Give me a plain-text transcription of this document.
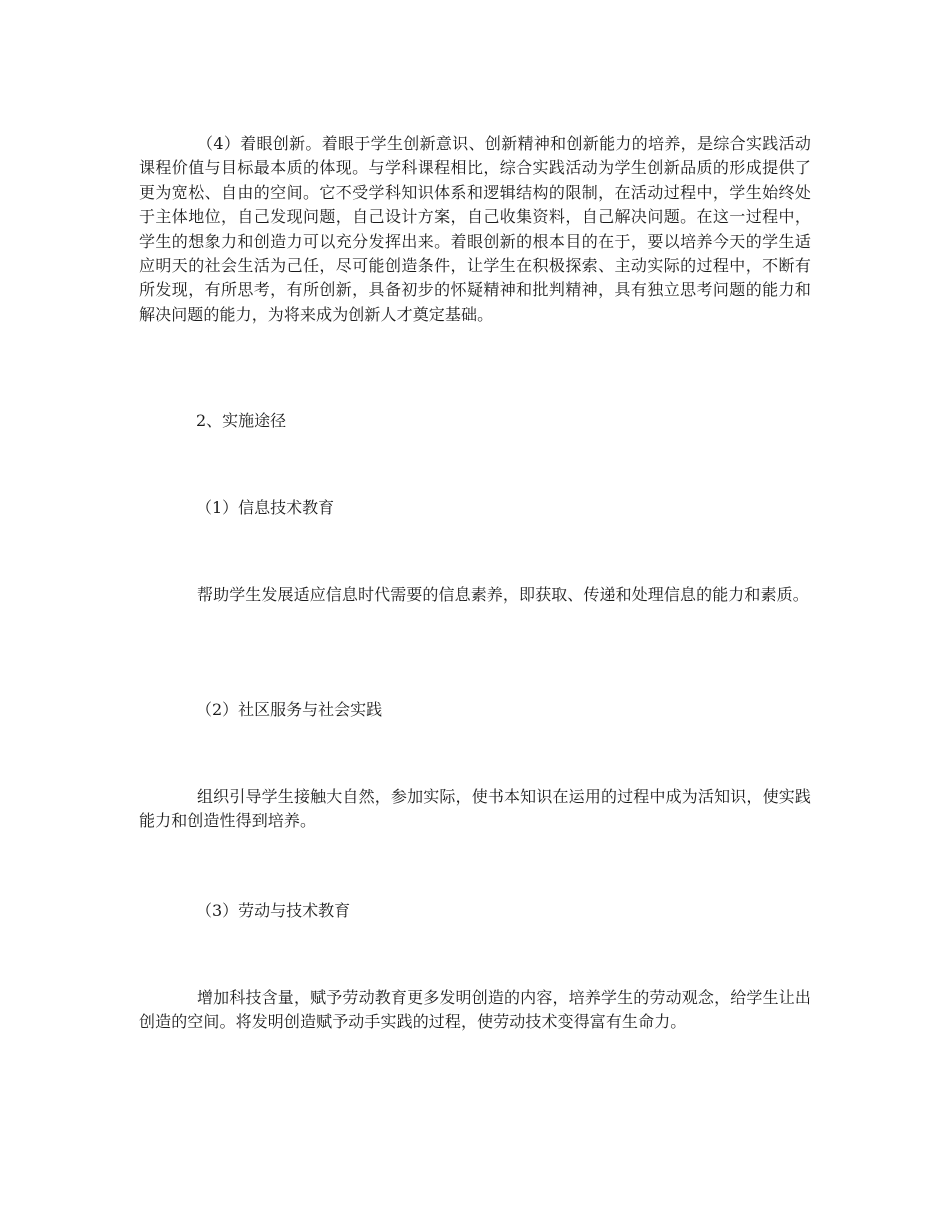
（4）着眼创新。着眼于学生创新意识、创新精神和创新能力的培养，是综合实践活动课程价值与目标最本质的体现。与学科课程相比，综合实践活动为学生创新品质的形成提供了更为宽松、自由的空间。它不受学科知识体系和逻辑结构的限制，在活动过程中，学生始终处于主体地位，自己发现问题，自己设计方案，自己收集资料，自己解决问题。在这一过程中，学生的想象力和创造力可以充分发挥出来。着眼创新的根本目的在于，要以培养今天的学生适应明天的社会生活为己任，尽可能创造条件，让学生在积极探索、主动实际的过程中，不断有所发现，有所思考，有所创新，具备初步的怀疑精神和批判精神，具有独立思考问题的能力和解决问题的能力，为将来成为创新人才奠定基础。

2、实施途径

（1）信息技术教育

帮助学生发展适应信息时代需要的信息素养，即获取、传递和处理信息的能力和素质。

（2）社区服务与社会实践

组织引导学生接触大自然，参加实际，使书本知识在运用的过程中成为活知识，使实践能力和创造性得到培养。

（3）劳动与技术教育

增加科技含量，赋予劳动教育更多发明创造的内容，培养学生的劳动观念，给学生让出创造的空间。将发明创造赋予动手实践的过程，使劳动技术变得富有生命力。
